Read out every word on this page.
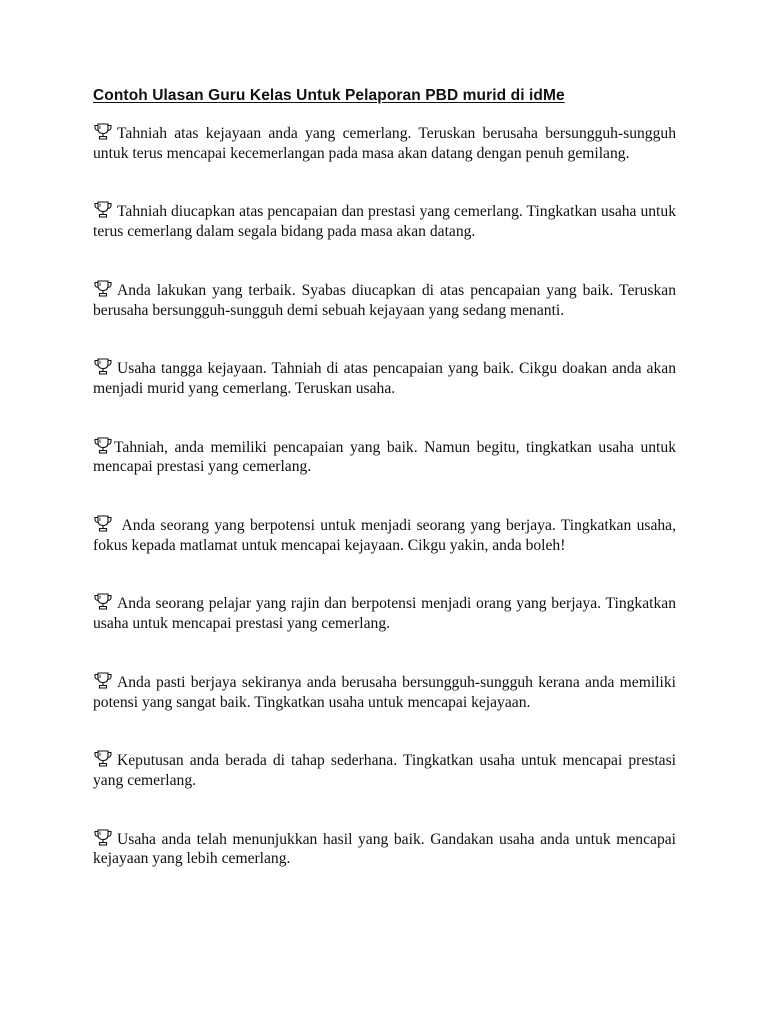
Contoh Ulasan Guru Kelas Untuk Pelaporan PBD murid di idMe

Tahniah atas kejayaan anda yang cemerlang. Teruskan berusaha bersungguh-sungguh untuk terus mencapai kecemerlangan pada masa akan datang dengan penuh gemilang.

Tahniah diucapkan atas pencapaian dan prestasi yang cemerlang. Tingkatkan usaha untuk terus cemerlang dalam segala bidang pada masa akan datang.

Anda lakukan yang terbaik. Syabas diucapkan di atas pencapaian yang baik. Teruskan berusaha bersungguh-sungguh demi sebuah kejayaan yang sedang menanti.

Usaha tangga kejayaan. Tahniah di atas pencapaian yang baik. Cikgu doakan anda akan menjadi murid yang cemerlang. Teruskan usaha.

Tahniah, anda memiliki pencapaian yang baik. Namun begitu, tingkatkan usaha untuk mencapai prestasi yang cemerlang.

Anda seorang yang berpotensi untuk menjadi seorang yang berjaya. Tingkatkan usaha, fokus kepada matlamat untuk mencapai kejayaan. Cikgu yakin, anda boleh!

Anda seorang pelajar yang rajin dan berpotensi menjadi orang yang berjaya. Tingkatkan usaha untuk mencapai prestasi yang cemerlang.

Anda pasti berjaya sekiranya anda berusaha bersungguh-sungguh kerana anda memiliki potensi yang sangat baik. Tingkatkan usaha untuk mencapai kejayaan.

Keputusan anda berada di tahap sederhana. Tingkatkan usaha untuk mencapai prestasi yang cemerlang.

Usaha anda telah menunjukkan hasil yang baik. Gandakan usaha anda untuk mencapai kejayaan yang lebih cemerlang.
